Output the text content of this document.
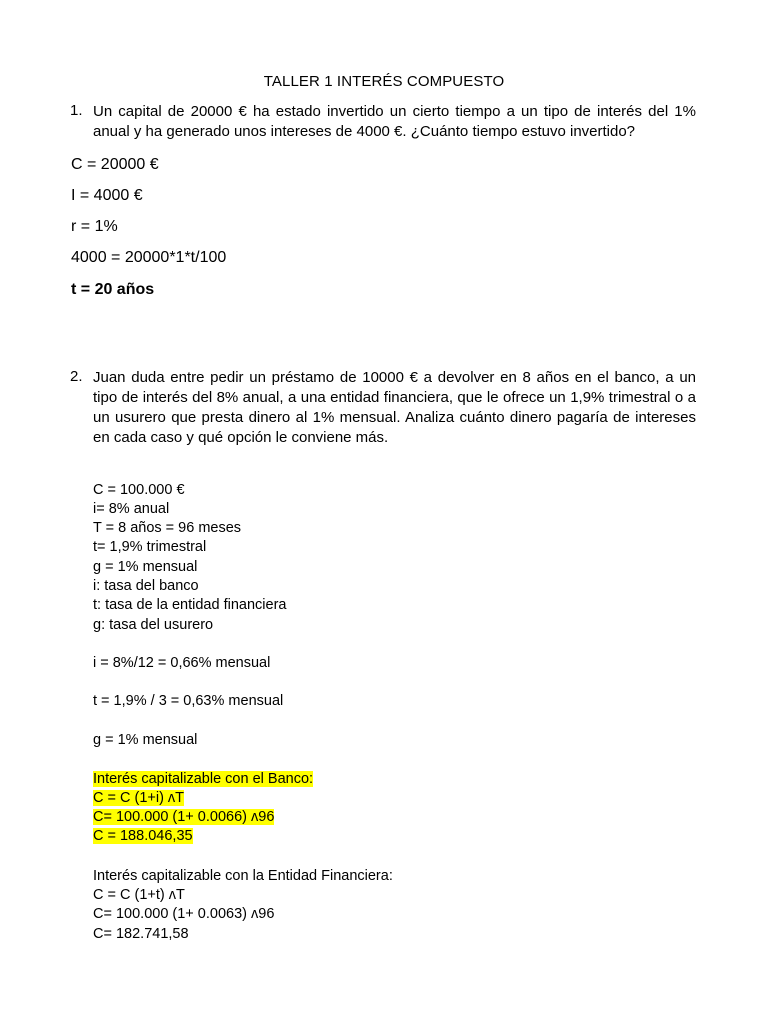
TALLER 1 INTERÉS COMPUESTO
1. Un capital de 20000 € ha estado invertido un cierto tiempo a un tipo de interés del 1% anual y ha generado unos intereses de 4000 €. ¿Cuánto tiempo estuvo invertido?
C = 20000 €
I = 4000 €
r = 1%
4000 = 20000*1*t/100
t = 20 años
2. Juan duda entre pedir un préstamo de 10000 € a devolver en 8 años en el banco, a un tipo de interés del 8% anual, a una entidad financiera, que le ofrece un 1,9% trimestral o a un usurero que presta dinero al 1% mensual. Analiza cuánto dinero pagaría de intereses en cada caso y qué opción le conviene más.
C = 100.000 €
i= 8% anual
T = 8 años = 96 meses
t= 1,9% trimestral
g = 1% mensual
i: tasa del banco
t: tasa de la entidad financiera
g: tasa del usurero
i = 8%/12 = 0,66% mensual
t = 1,9% / 3 = 0,63% mensual
g = 1% mensual
Interés capitalizable con el Banco:
C = C (1+i) ʌT
C= 100.000 (1+ 0.0066) ʌ96
C = 188.046,35
Interés capitalizable con la Entidad Financiera:
C = C (1+t) ʌT
C= 100.000 (1+ 0.0063) ʌ96
C= 182.741,58
